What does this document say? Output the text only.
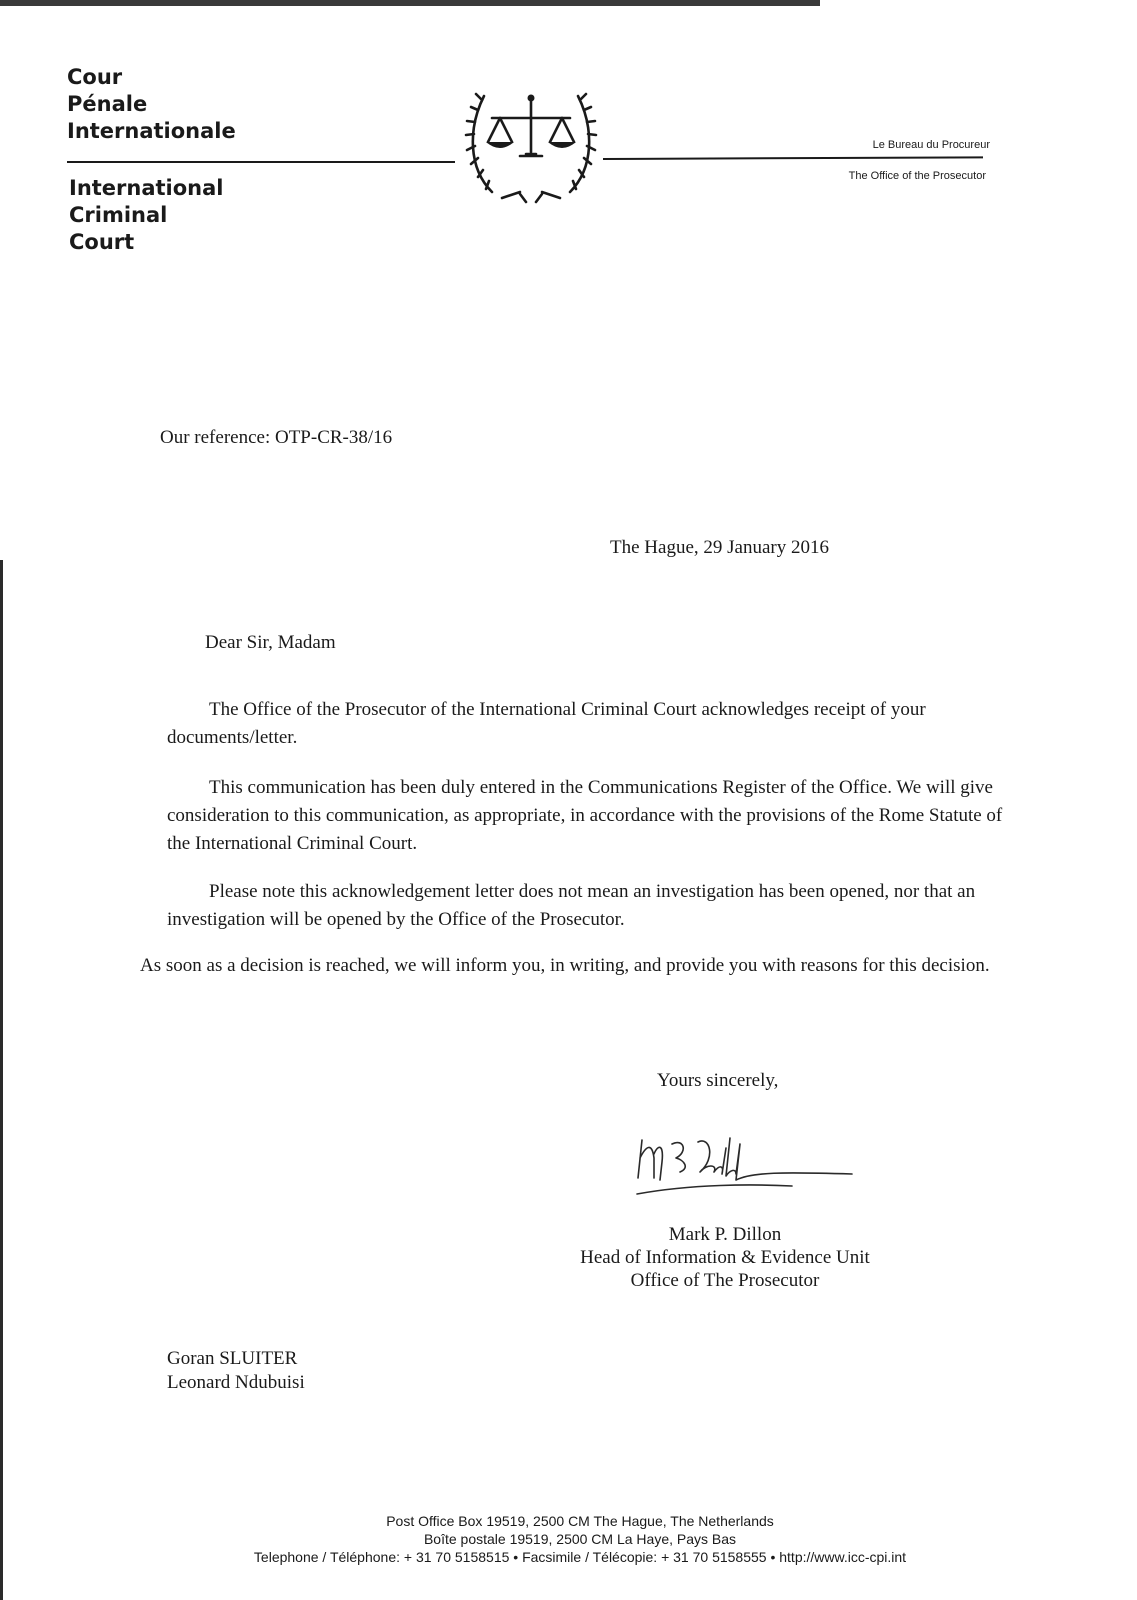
Cour
Pénale
Internationale
International
Criminal
Court
Le Bureau du Procureur
The Office of the Prosecutor
Our reference: OTP-CR-38/16
The Hague, 29 January 2016
Dear Sir, Madam
The Office of the Prosecutor of the International Criminal Court acknowledges receipt of your documents/letter.
This communication has been duly entered in the Communications Register of the Office. We will give consideration to this communication, as appropriate, in accordance with the provisions of the Rome Statute of the International Criminal Court.
Please note this acknowledgement letter does not mean an investigation has been opened, nor that an investigation will be opened by the Office of the Prosecutor.
As soon as a decision is reached, we will inform you, in writing, and provide you with reasons for this decision.
Yours sincerely,
Mark P. Dillon
Head of Information & Evidence Unit
Office of The Prosecutor
Goran SLUITER
Leonard Ndubuisi
Post Office Box 19519, 2500 CM The Hague, The Netherlands
Boîte postale 19519, 2500 CM La Haye, Pays Bas
Telephone / Téléphone: + 31 70 5158515 • Facsimile / Télécopie: + 31 70 5158555 • http://www.icc-cpi.int
